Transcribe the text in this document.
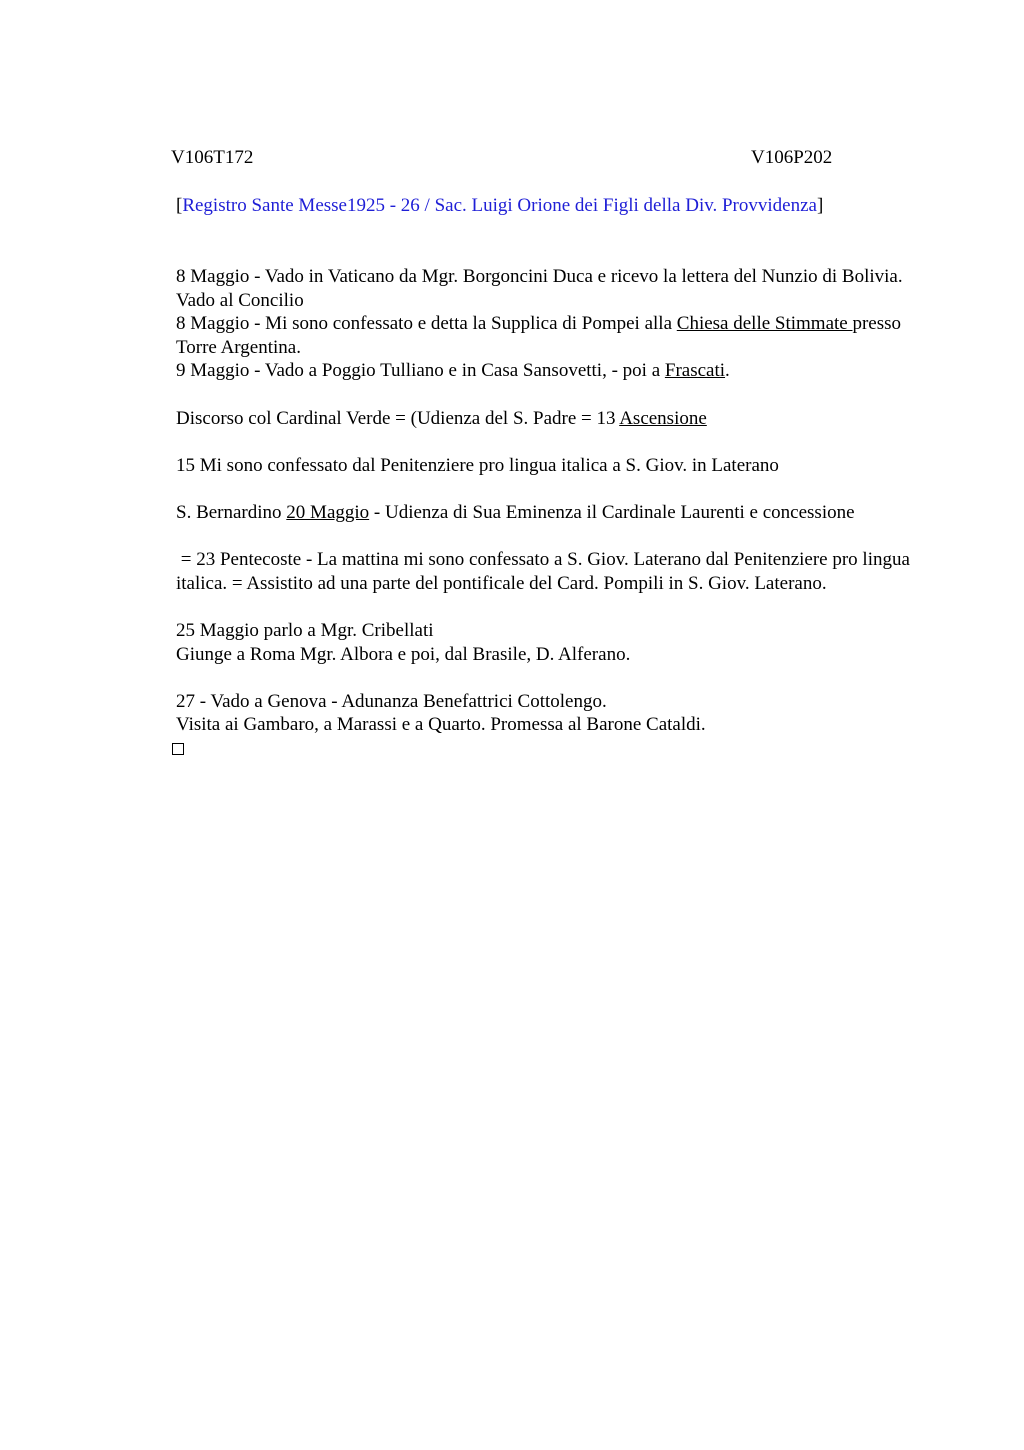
V106T172	V106P202
[Registro Sante Messe1925 - 26 / Sac. Luigi Orione dei Figli della Div. Provvidenza]

8 Maggio - Vado in Vaticano da Mgr. Borgoncini Duca e ricevo la lettera del Nunzio di Bolivia. Vado al Concilio

8 Maggio - Mi sono confessato e detta la Supplica di Pompei alla Chiesa delle Stimmate presso Torre Argentina.

9 Maggio - Vado a Poggio Tulliano e in Casa Sansovetti, - poi a Frascati.

Discorso col Cardinal Verde = (Udienza del S. Padre = 13 Ascensione

15 Mi sono confessato dal Penitenziere pro lingua italica a S. Giov. in Laterano

S. Bernardino 20 Maggio - Udienza di Sua Eminenza il Cardinale Laurenti e concessione

= 23 Pentecoste - La mattina mi sono confessato a S. Giov. Laterano dal Penitenziere pro lingua italica. = Assistito ad una parte del pontificale del Card. Pompili in S. Giov. Laterano.

25 Maggio parlo a Mgr. Cribellati

Giunge a Roma Mgr. Albora e poi, dal Brasile, D. Alferano.

27 - Vado a Genova - Adunanza Benefattrici Cottolengo.

Visita ai Gambaro, a Marassi e a Quarto. Promessa al Barone Cataldi.
